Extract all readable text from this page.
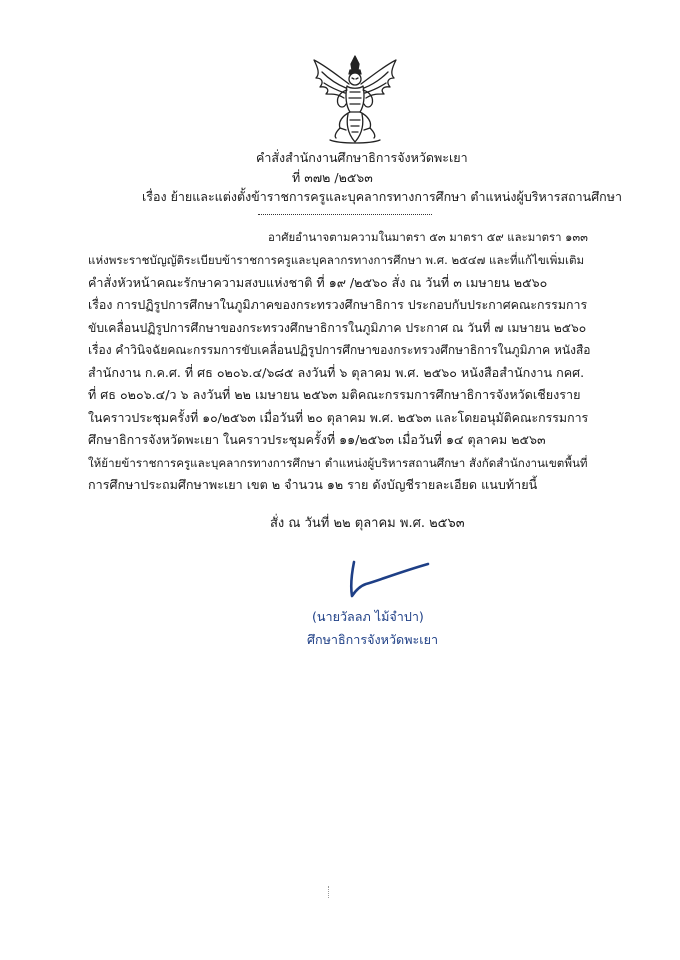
คำสั่งสำนักงานศึกษาธิการจังหวัดพะเยา
ที่ ๓๗๒ /๒๕๖๓
เรื่อง ย้ายและแต่งตั้งข้าราชการครูและบุคลากรทางการศึกษา ตำแหน่งผู้บริหารสถานศึกษา
อาศัยอำนาจตามความในมาตรา ๕๓ มาตรา ๕๙ และมาตรา ๑๓๓
แห่งพระราชบัญญัติระเบียบข้าราชการครูและบุคลากรทางการศึกษา พ.ศ. ๒๕๔๗ และที่แก้ไขเพิ่มเติม
คำสั่งหัวหน้าคณะรักษาความสงบแห่งชาติ ที่ ๑๙ /๒๕๖๐ สั่ง ณ วันที่ ๓ เมษายน ๒๕๖๐
เรื่อง การปฏิรูปการศึกษาในภูมิภาคของกระทรวงศึกษาธิการ ประกอบกับประกาศคณะกรรมการ
ขับเคลื่อนปฏิรูปการศึกษาของกระทรวงศึกษาธิการในภูมิภาค ประกาศ ณ วันที่ ๗ เมษายน ๒๕๖๐
เรื่อง คำวินิจฉัยคณะกรรมการขับเคลื่อนปฏิรูปการศึกษาของกระทรวงศึกษาธิการในภูมิภาค หนังสือ
สำนักงาน ก.ค.ศ. ที่ ศธ ๐๒๐๖.๔/๖๘๕ ลงวันที่ ๖ ตุลาคม พ.ศ. ๒๕๖๐ หนังสือสำนักงาน กคศ.
ที่ ศธ ๐๒๐๖.๔/ว ๖ ลงวันที่ ๒๒ เมษายน ๒๕๖๓ มติคณะกรรมการศึกษาธิการจังหวัดเชียงราย
ในคราวประชุมครั้งที่ ๑๐/๒๕๖๓ เมื่อวันที่ ๒๐ ตุลาคม พ.ศ. ๒๕๖๓ และโดยอนุมัติคณะกรรมการ
ศึกษาธิการจังหวัดพะเยา ในคราวประชุมครั้งที่ ๑๑/๒๕๖๓ เมื่อวันที่ ๑๔ ตุลาคม ๒๕๖๓
ให้ย้ายข้าราชการครูและบุคลากรทางการศึกษา ตำแหน่งผู้บริหารสถานศึกษา สังกัดสำนักงานเขตพื้นที่
การศึกษาประถมศึกษาพะเยา เขต ๒ จำนวน ๑๒ ราย ดังบัญชีรายละเอียด แนบท้ายนี้
สั่ง ณ วันที่ ๒๒ ตุลาคม พ.ศ. ๒๕๖๓
(นายวัลลภ ไม้จำปา)
ศึกษาธิการจังหวัดพะเยา
